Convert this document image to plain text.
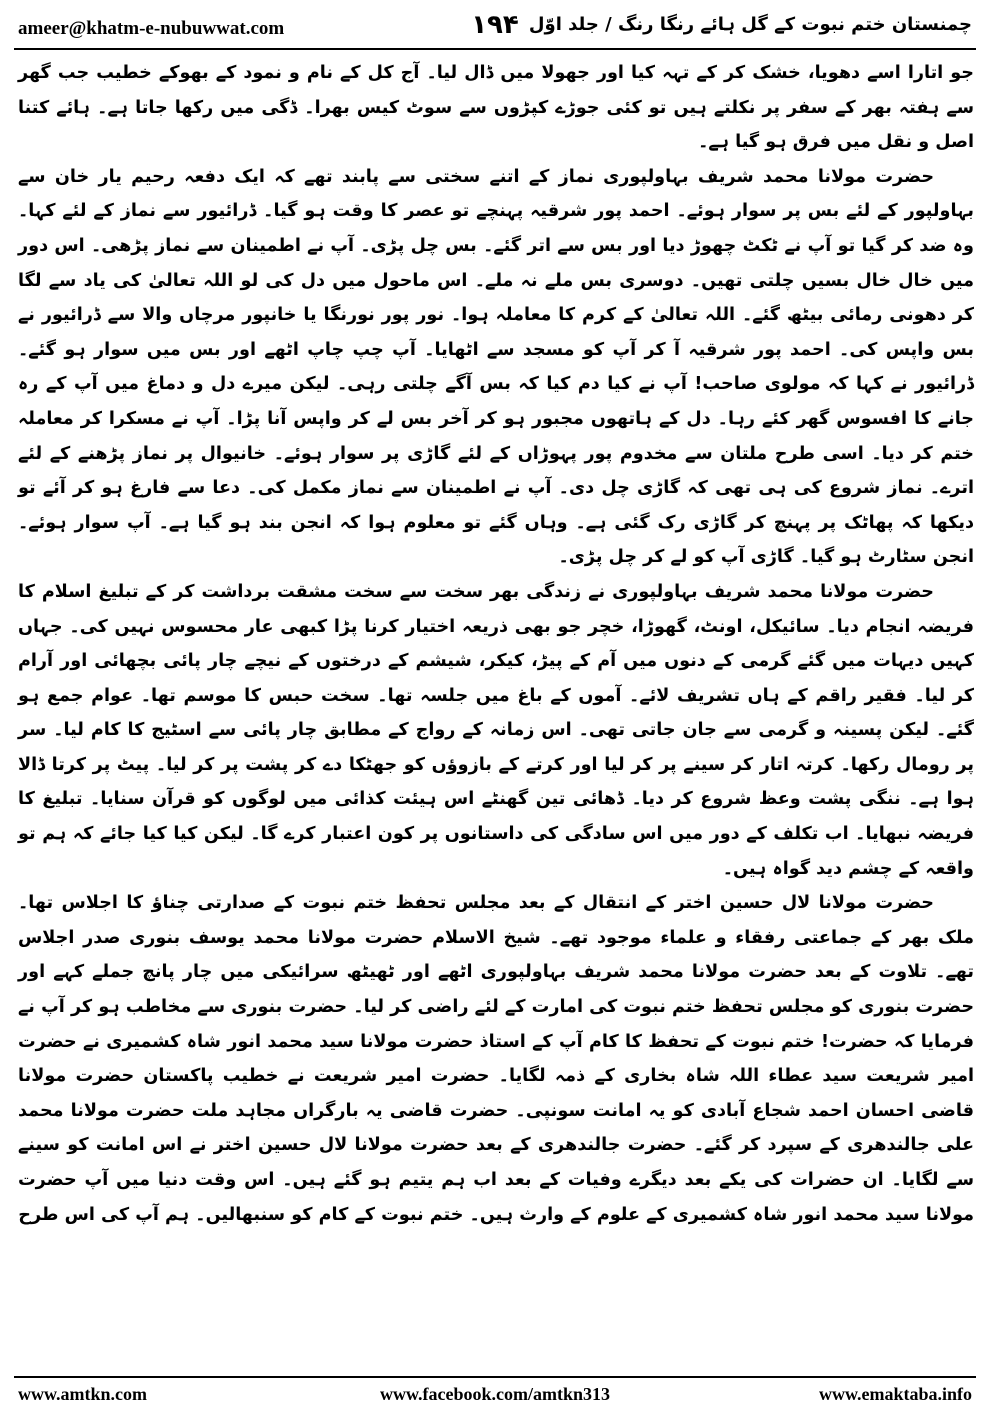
ameer@khatm-e-nubuwwat.com	۱۹۴ چمنستان ختم نبوت کے گل ہائے رنگا رنگ / جلد اوّل

جو اتارا اسے دھویا، خشک کر کے تہہ کیا اور جھولا میں ڈال لیا۔ آج کل کے نام و نمود کے بھوکے خطیب جب گھر سے ہفتہ بھر کے سفر پر نکلتے ہیں تو کئی جوڑے کپڑوں سے سوٹ کیس بھرا۔ ڈگی میں رکھا جاتا ہے۔ ہائے کتنا اصل و نقل میں فرق ہو گیا ہے۔

حضرت مولانا محمد شریف بہاولپوری نماز کے اتنے سختی سے پابند تھے کہ ایک دفعہ رحیم یار خان سے بہاولپور کے لئے بس پر سوار ہوئے۔ احمد پور شرقیہ پہنچے تو عصر کا وقت ہو گیا۔ ڈرائیور سے نماز کے لئے کہا۔ وہ ضد کر گیا تو آپ نے ٹکٹ چھوڑ دیا اور بس سے اتر گئے۔ بس چل پڑی۔ آپ نے اطمینان سے نماز پڑھی۔ اس دور میں خال خال بسیں چلتی تھیں۔ دوسری بس ملے نہ ملے۔ اس ماحول میں دل کی لو اللہ تعالیٰ کی یاد سے لگا کر دھونی رمائی بیٹھ گئے۔ اللہ تعالیٰ کے کرم کا معاملہ ہوا۔ نور پور نورنگا یا خانپور مرچاں والا سے ڈرائیور نے بس واپس کی۔ احمد پور شرقیہ آ کر آپ کو مسجد سے اٹھایا۔ آپ چپ چاپ اٹھے اور بس میں سوار ہو گئے۔ ڈرائیور نے کہا کہ مولوی صاحب! آپ نے کیا دم کیا کہ بس آگے چلتی رہی۔ لیکن میرے دل و دماغ میں آپ کے رہ جانے کا افسوس گھر کئے رہا۔ دل کے ہاتھوں مجبور ہو کر آخر بس لے کر واپس آنا پڑا۔ آپ نے مسکرا کر معاملہ ختم کر دیا۔ اسی طرح ملتان سے مخدوم پور پہوڑاں کے لئے گاڑی پر سوار ہوئے۔ خانیوال پر نماز پڑھنے کے لئے اترے۔ نماز شروع کی ہی تھی کہ گاڑی چل دی۔ آپ نے اطمینان سے نماز مکمل کی۔ دعا سے فارغ ہو کر آئے تو دیکھا کہ پھاٹک پر پہنچ کر گاڑی رک گئی ہے۔ وہاں گئے تو معلوم ہوا کہ انجن بند ہو گیا ہے۔ آپ سوار ہوئے۔ انجن سٹارٹ ہو گیا۔ گاڑی آپ کو لے کر چل پڑی۔

حضرت مولانا محمد شریف بہاولپوری نے زندگی بھر سخت سے سخت مشقت برداشت کر کے تبلیغ اسلام کا فریضہ انجام دیا۔ سائیکل، اونٹ، گھوڑا، خچر جو بھی ذریعہ اختیار کرنا پڑا کبھی عار محسوس نہیں کی۔ جہاں کہیں دیہات میں گئے گرمی کے دنوں میں آم کے پیڑ، کیکر، شیشم کے درختوں کے نیچے چار پائی بچھائی اور آرام کر لیا۔ فقیر راقم کے ہاں تشریف لائے۔ آموں کے باغ میں جلسہ تھا۔ سخت حبس کا موسم تھا۔ عوام جمع ہو گئے۔ لیکن پسینہ و گرمی سے جان جاتی تھی۔ اس زمانہ کے رواج کے مطابق چار پائی سے اسٹیج کا کام لیا۔ سر پر رومال رکھا۔ کرتہ اتار کر سینے پر کر لیا اور کرتے کے بازوؤں کو جھٹکا دے کر پشت پر کر لیا۔ پیٹ پر کرتا ڈالا ہوا ہے۔ ننگی پشت وعظ شروع کر دیا۔ ڈھائی تین گھنٹے اس ہیئت کذائی میں لوگوں کو قرآن سنایا۔ تبلیغ کا فریضہ نبھایا۔ اب تکلف کے دور میں اس سادگی کی داستانوں پر کون اعتبار کرے گا۔ لیکن کیا کیا جائے کہ ہم تو واقعہ کے چشم دید گواہ ہیں۔

حضرت مولانا لال حسین اختر کے انتقال کے بعد مجلس تحفظ ختم نبوت کے صدارتی چناؤ کا اجلاس تھا۔ ملک بھر کے جماعتی رفقاء و علماء موجود تھے۔ شیخ الاسلام حضرت مولانا محمد یوسف بنوری صدر اجلاس تھے۔ تلاوت کے بعد حضرت مولانا محمد شریف بہاولپوری اٹھے اور ٹھیٹھ سرائیکی میں چار پانچ جملے کہے اور حضرت بنوری کو مجلس تحفظ ختم نبوت کی امارت کے لئے راضی کر لیا۔ حضرت بنوری سے مخاطب ہو کر آپ نے فرمایا کہ حضرت! ختم نبوت کے تحفظ کا کام آپ کے استاذ حضرت مولانا سید محمد انور شاہ کشمیری نے حضرت امیر شریعت سید عطاء اللہ شاہ بخاری کے ذمہ لگایا۔ حضرت امیر شریعت نے خطیب پاکستان حضرت مولانا قاضی احسان احمد شجاع آبادی کو یہ امانت سونپی۔ حضرت قاضی یہ بارگراں مجاہد ملت حضرت مولانا محمد علی جالندھری کے سپرد کر گئے۔ حضرت جالندھری کے بعد حضرت مولانا لال حسین اختر نے اس امانت کو سینے سے لگایا۔ ان حضرات کی یکے بعد دیگرے وفیات کے بعد اب ہم یتیم ہو گئے ہیں۔ اس وقت دنیا میں آپ حضرت مولانا سید محمد انور شاہ کشمیری کے علوم کے وارث ہیں۔ ختم نبوت کے کام کو سنبھالیں۔ ہم آپ کی اس طرح

www.facebook.com/amtkn313
www.amtkn.com	www.emaktaba.info
